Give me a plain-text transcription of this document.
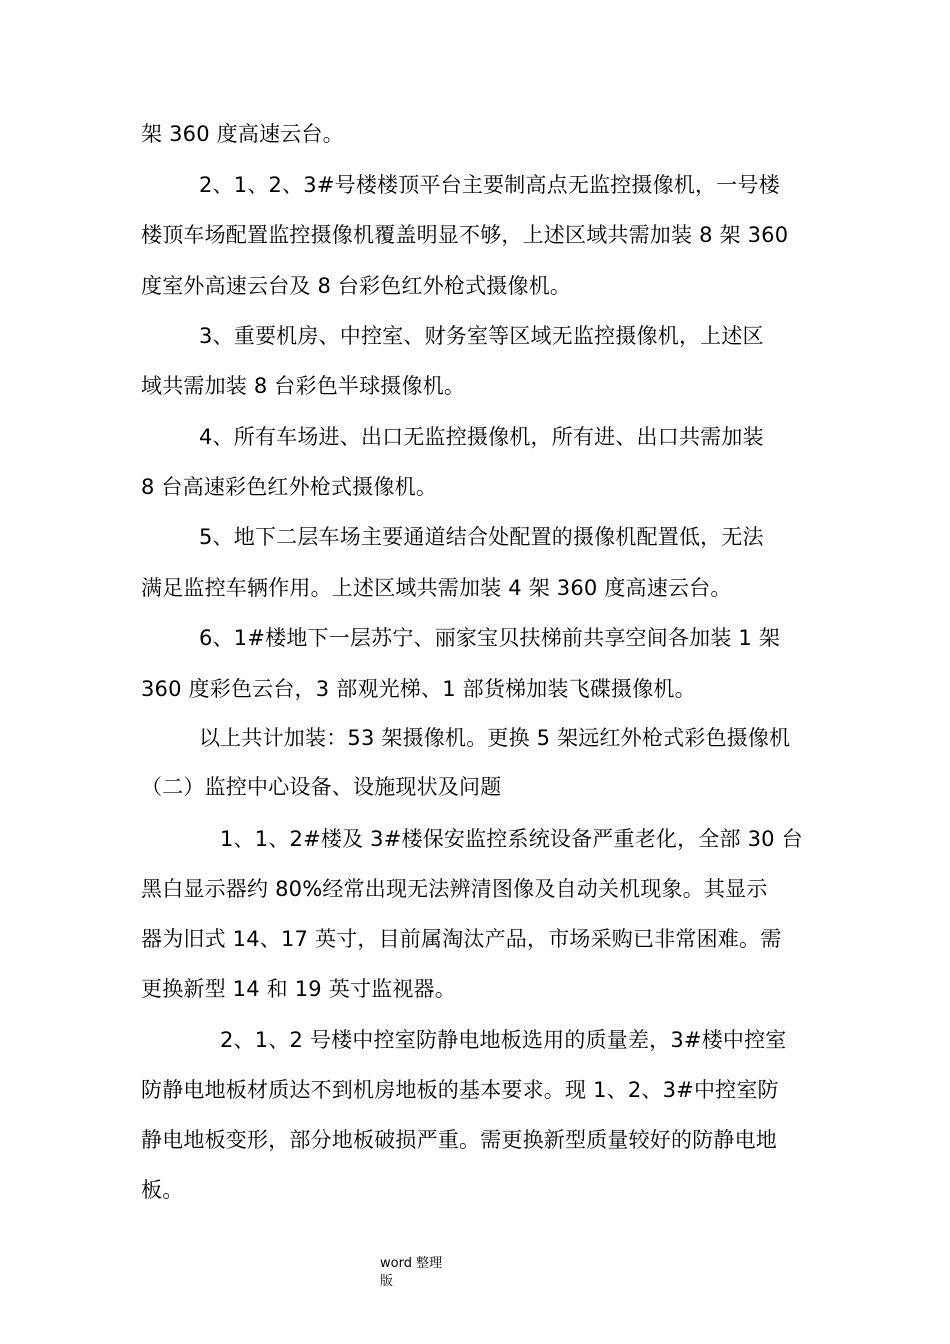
架 360 度高速云台。
2、1、2、3#号楼楼顶平台主要制高点无监控摄像机，一号楼
楼顶车场配置监控摄像机覆盖明显不够，上述区域共需加装 8 架 360
度室外高速云台及 8 台彩色红外枪式摄像机。
3、重要机房、中控室、财务室等区域无监控摄像机，上述区
域共需加装 8 台彩色半球摄像机。
4、所有车场进、出口无监控摄像机，所有进、出口共需加装
8 台高速彩色红外枪式摄像机。
5、地下二层车场主要通道结合处配置的摄像机配置低，无法
满足监控车辆作用。上述区域共需加装 4 架 360 度高速云台。
6、1#楼地下一层苏宁、丽家宝贝扶梯前共享空间各加装 1 架
360 度彩色云台，3 部观光梯、1 部货梯加装飞碟摄像机。
以上共计加装：53 架摄像机。更换 5 架远红外枪式彩色摄像机
（二）监控中心设备、设施现状及问题
1、1、2#楼及 3#楼保安监控系统设备严重老化，全部 30 台
黑白显示器约 80%经常出现无法辨清图像及自动关机现象。其显示
器为旧式 14、17 英寸，目前属淘汰产品，市场采购已非常困难。需
更换新型 14 和 19 英寸监视器。
2、1、2 号楼中控室防静电地板选用的质量差，3#楼中控室
防静电地板材质达不到机房地板的基本要求。现 1、2、3#中控室防
静电地板变形，部分地板破损严重。需更换新型质量较好的防静电地
板。
word 整理
版
